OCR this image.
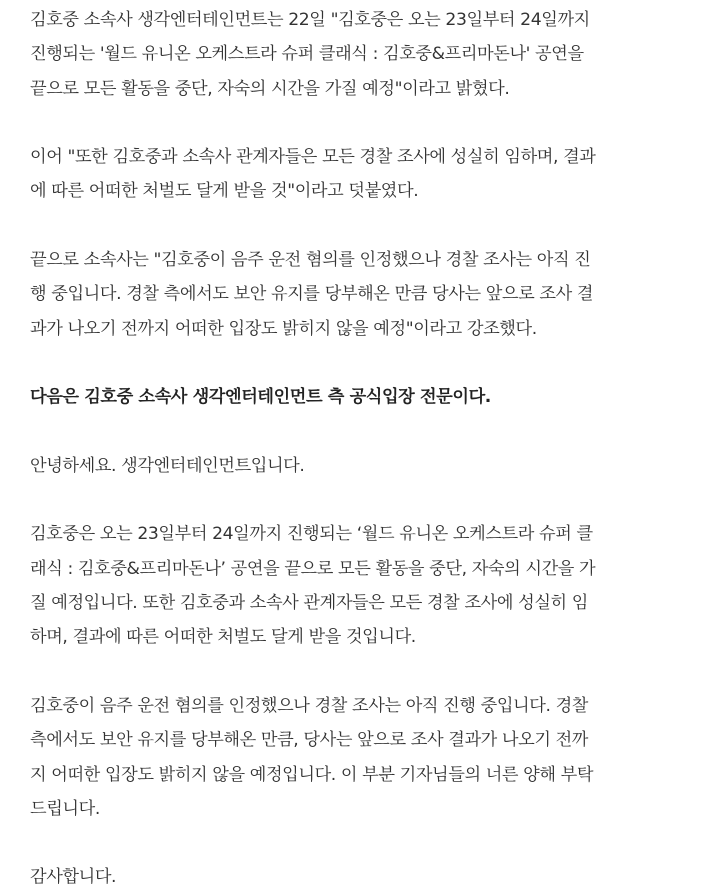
김호중 소속사 생각엔터테인먼트는 22일 "김호중은 오는 23일부터 24일까지
진행되는 '월드 유니온 오케스트라 슈퍼 클래식 : 김호중&프리마돈나' 공연을
끝으로 모든 활동을 중단, 자숙의 시간을 가질 예정"이라고 밝혔다.

이어 "또한 김호중과 소속사 관계자들은 모든 경찰 조사에 성실히 임하며, 결과
에 따른 어떠한 처벌도 달게 받을 것"이라고 덧붙였다.

끝으로 소속사는 "김호중이 음주 운전 혐의를 인정했으나 경찰 조사는 아직 진
행 중입니다. 경찰 측에서도 보안 유지를 당부해온 만큼 당사는 앞으로 조사 결
과가 나오기 전까지 어떠한 입장도 밝히지 않을 예정"이라고 강조했다.

다음은 김호중 소속사 생각엔터테인먼트 측 공식입장 전문이다.

안녕하세요. 생각엔터테인먼트입니다.

김호중은 오는 23일부터 24일까지 진행되는 ‘월드 유니온 오케스트라 슈퍼 클
래식 : 김호중&프리마돈나’ 공연을 끝으로 모든 활동을 중단, 자숙의 시간을 가
질 예정입니다. 또한 김호중과 소속사 관계자들은 모든 경찰 조사에 성실히 임
하며, 결과에 따른 어떠한 처벌도 달게 받을 것입니다.

김호중이 음주 운전 혐의를 인정했으나 경찰 조사는 아직 진행 중입니다. 경찰
측에서도 보안 유지를 당부해온 만큼, 당사는 앞으로 조사 결과가 나오기 전까
지 어떠한 입장도 밝히지 않을 예정입니다. 이 부분 기자님들의 너른 양해 부탁
드립니다.

감사합니다.
